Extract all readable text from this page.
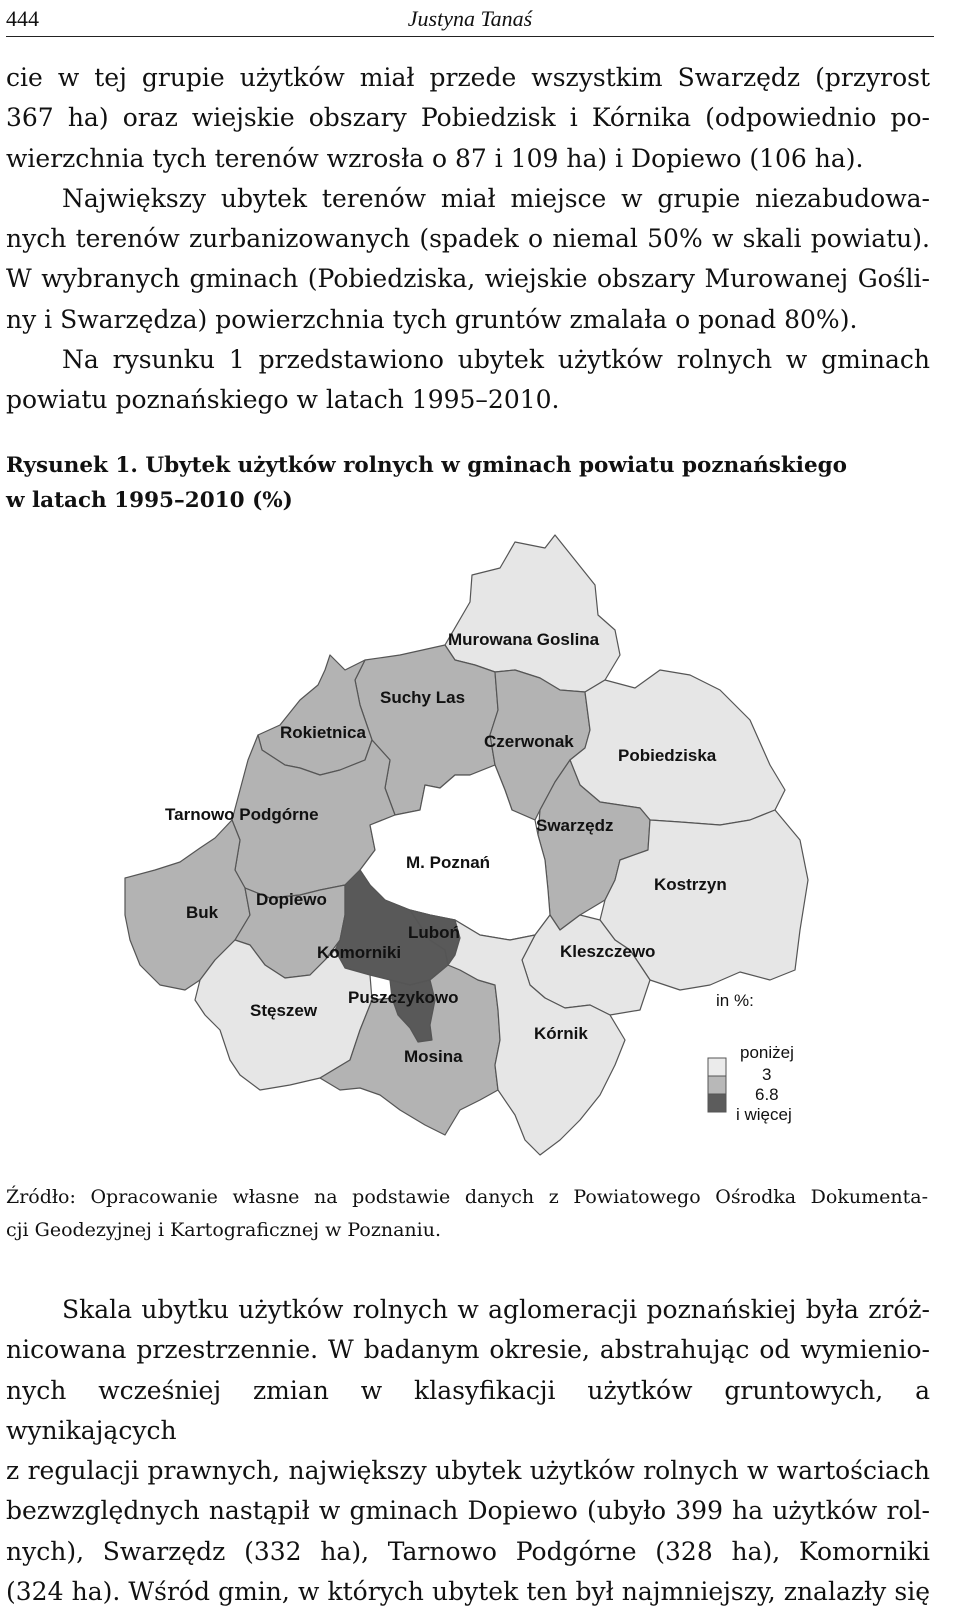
444	Justyna Tanaś

cie w tej grupie użytków miał przede wszystkim Swarzędz (przyrost
367 ha) oraz wiejskie obszary Pobiedzisk i Kórnika (odpowiednio po-
wierzchnia tych terenów wzrosła o 87 i 109 ha) i Dopiewo (106 ha).
Największy ubytek terenów miał miejsce w grupie niezabudowa-
nych terenów zurbanizowanych (spadek o niemal 50% w skali powiatu).
W wybranych gminach (Pobiedziska, wiejskie obszary Murowanej Gośli-
ny i Swarzędza) powierzchnia tych gruntów zmalała o ponad 80%).
Na rysunku 1 przedstawiono ubytek użytków rolnych w gminach
powiatu poznańskiego w latach 1995–2010.

Rysunek 1. Ubytek użytków rolnych w gminach powiatu poznańskiego
w latach 1995–2010 (%)
Murowana Goslina
Suchy Las
Rokietnica	Czerwonak
Pobiedziska
Tarnowo Podgórne
Swarzędz
M. Poznań
Kostrzyn
Buk
Dopiewo
Luboń
Komorniki	Kleszczewo
Puszczykowo
Stęszew
Kórnik
Mosina
in %:
poniżej
3
6.8
i więcej
Źródło: Opracowanie własne na podstawie danych z Powiatowego Ośrodka Dokumenta-
cji Geodezyjnej i Kartograficznej w Poznaniu.

Skala ubytku użytków rolnych w aglomeracji poznańskiej była zróż-
nicowana przestrzennie. W badanym okresie, abstrahując od wymienio-
nych wcześniej zmian w klasyfikacji użytków gruntowych, a wynikających
z regulacji prawnych, największy ubytek użytków rolnych w wartościach
bezwzględnych nastąpił w gminach Dopiewo (ubyło 399 ha użytków rol-
nych), Swarzędz (332 ha), Tarnowo Podgórne (328 ha), Komorniki
(324 ha). Wśród gmin, w których ubytek ten był najmniejszy, znalazły się
